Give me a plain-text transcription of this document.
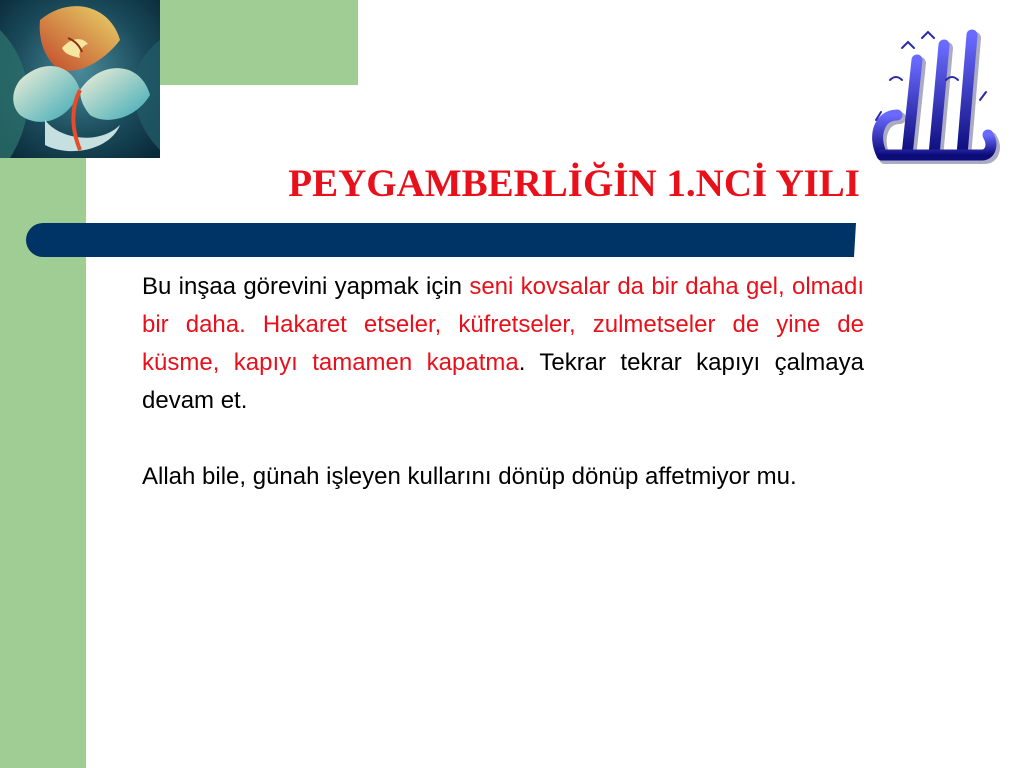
PEYGAMBERLİĞİN 1.NCİ YILI

Bu inşaa görevini yapmak için seni kovsalar da bir daha gel, olmadı bir daha. Hakaret etseler, küfretseler, zulmetseler de yine de küsme, kapıyı tamamen kapatma. Tekrar tekrar kapıyı çalmaya devam et.

Allah bile, günah işleyen kullarını dönüp dönüp affetmiyor mu.
